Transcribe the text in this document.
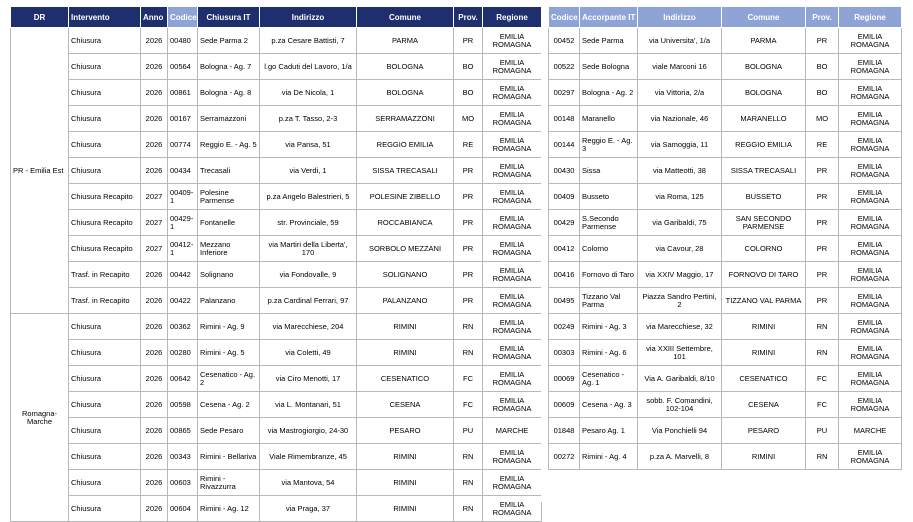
DR	Intervento	Anno	Codice	Chiusura IT	Indirizzo	Comune	Prov.	Regione
PR - Emilia Est	Chiusura	2026	00480	Sede Parma 2	p.za Cesare Battisti, 7	PARMA	PR	EMILIA ROMAGNA
	Chiusura	2026	00564	Bologna - Ag. 7	l.go Caduti del Lavoro, 1/a	BOLOGNA	BO	EMILIA ROMAGNA
	Chiusura	2026	00861	Bologna - Ag. 8	via De Nicola, 1	BOLOGNA	BO	EMILIA ROMAGNA
	Chiusura	2026	00167	Serramazzoni	p.za T. Tasso, 2-3	SERRAMAZZONI	MO	EMILIA ROMAGNA
	Chiusura	2026	00774	Reggio E. - Ag. 5	via Pansa, 51	REGGIO EMILIA	RE	EMILIA ROMAGNA
	Chiusura	2026	00434	Trecasali	via Verdi, 1	SISSA TRECASALI	PR	EMILIA ROMAGNA
	Chiusura Recapito	2027	00409-1	Polesine Parmense	p.za Angelo Balestrieri, 5	POLESINE ZIBELLO	PR	EMILIA ROMAGNA
	Chiusura Recapito	2027	00429-1	Fontanelle	str. Provinciale, 59	ROCCABIANCA	PR	EMILIA ROMAGNA
	Chiusura Recapito	2027	00412-1	Mezzano Inferiore	via Martiri della Liberta', 170	SORBOLO MEZZANI	PR	EMILIA ROMAGNA
	Trasf. in Recapito	2026	00442	Solignano	via Fondovalle, 9	SOLIGNANO	PR	EMILIA ROMAGNA
	Trasf. in Recapito	2026	00422	Palanzano	p.za Cardinal Ferrari, 97	PALANZANO	PR	EMILIA ROMAGNA
Romagna-Marche	Chiusura	2026	00362	Rimini - Ag. 9	via Marecchiese, 204	RIMINI	RN	EMILIA ROMAGNA
	Chiusura	2026	00280	Rimini - Ag. 5	via Coletti, 49	RIMINI	RN	EMILIA ROMAGNA
	Chiusura	2026	00642	Cesenatico - Ag. 2	via Ciro Menotti, 17	CESENATICO	FC	EMILIA ROMAGNA
	Chiusura	2026	00598	Cesena - Ag. 2	via L. Montanari, 51	CESENA	FC	EMILIA ROMAGNA
	Chiusura	2026	00865	Sede Pesaro	via Mastrogiorgio, 24-30	PESARO	PU	MARCHE
	Chiusura	2026	00343	Rimini - Bellariva	Viale Rimembranze, 45	RIMINI	RN	EMILIA ROMAGNA
	Chiusura	2026	00603	Rimini - Rivazzurra	via Mantova, 54	RIMINI	RN	EMILIA ROMAGNA
	Chiusura	2026	00604	Rimini - Ag. 12	via Praga, 37	RIMINI	RN	EMILIA ROMAGNA
Codice	Accorpante IT	Indirizzo	Comune	Prov.	Regione
00452	Sede Parma	via Universita', 1/a	PARMA	PR	EMILIA ROMAGNA
00522	Sede Bologna	viale Marconi 16	BOLOGNA	BO	EMILIA ROMAGNA
00297	Bologna - Ag. 2	via Vittoria, 2/a	BOLOGNA	BO	EMILIA ROMAGNA
00148	Maranello	via Nazionale, 46	MARANELLO	MO	EMILIA ROMAGNA
00144	Reggio E. - Ag. 3	via Samoggia, 11	REGGIO EMILIA	RE	EMILIA ROMAGNA
00430	Sissa	via Matteotti, 38	SISSA TRECASALI	PR	EMILIA ROMAGNA
00409	Busseto	via Roma, 125	BUSSETO	PR	EMILIA ROMAGNA
00429	S.Secondo Parmense	via Garibaldi, 75	SAN SECONDO PARMENSE	PR	EMILIA ROMAGNA
00412	Colorno	via Cavour, 28	COLORNO	PR	EMILIA ROMAGNA
00416	Fornovo di Taro	via XXIV Maggio, 17	FORNOVO DI TARO	PR	EMILIA ROMAGNA
00495	Tizzano Val Parma	Piazza Sandro Pertini, 2	TIZZANO VAL PARMA	PR	EMILIA ROMAGNA
00249	Rimini - Ag. 3	via Marecchiese, 32	RIMINI	RN	EMILIA ROMAGNA
00303	Rimini - Ag. 6	via XXIII Settembre, 101	RIMINI	RN	EMILIA ROMAGNA
00069	Cesenatico - Ag. 1	Via A. Garibaldi, 8/10	CESENATICO	FC	EMILIA ROMAGNA
00609	Cesena - Ag. 3	sobb. F. Comandini, 102-104	CESENA	FC	EMILIA ROMAGNA
01848	Pesaro Ag. 1	Via Ponchielli 94	PESARO	PU	MARCHE
00272	Rimini - Ag. 4	p.za A. Marvelli, 8	RIMINI	RN	EMILIA ROMAGNA
